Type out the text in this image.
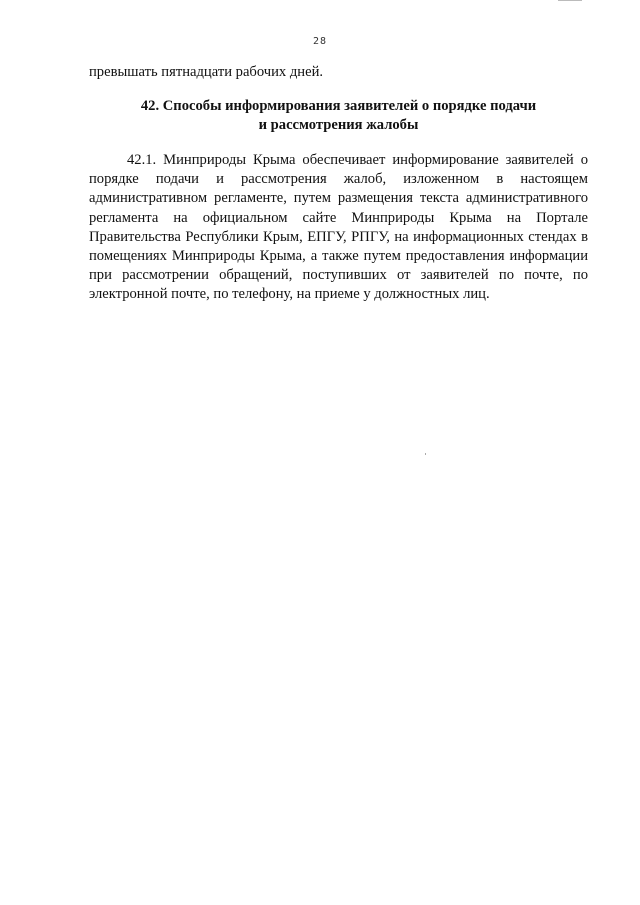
28
превышать пятнадцати рабочих дней.
42. Способы информирования заявителей о порядке подачи
и рассмотрения жалобы
42.1. Минприроды Крыма обеспечивает информирование заявителей о порядке подачи и рассмотрения жалоб, изложенном в настоящем административном регламенте, путем размещения текста административного регламента на официальном сайте Минприроды Крыма на Портале Правительства Республики Крым, ЕПГУ, РПГУ, на информационных стендах в помещениях Минприроды Крыма, а также путем предоставления информации при рассмотрении обращений, поступивших от заявителей по почте, по электронной почте, по телефону, на приеме у должностных лиц.
